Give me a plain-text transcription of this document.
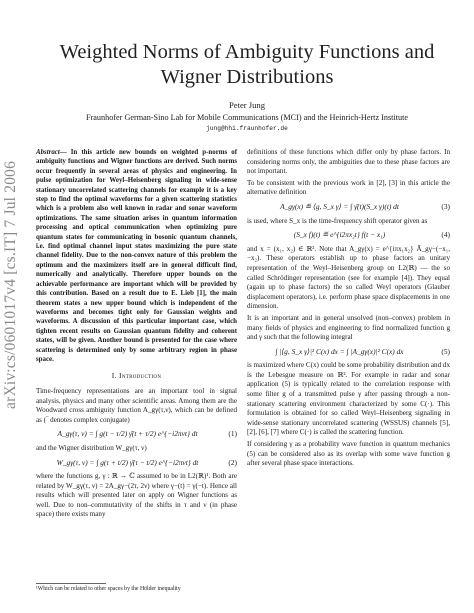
arXiv:cs/0601017v4 [cs.IT] 7 Jul 2006
Weighted Norms of Ambiguity Functions and
Wigner Distributions
Peter Jung
Fraunhofer German-Sino Lab for Mobile Communications (MCI) and the Heinrich-Hertz Institute
jung@hhi.fraunhofer.de

Abstract— In this article new bounds on weighted p-norms of ambiguity functions and Wigner functions are derived. Such norms occur frequently in several areas of physics and engineering. In pulse optimization for Weyl–Heisenberg signaling in wide-sense stationary uncorrelated scattering channels for example it is a key step to find the optimal waveforms for a given scattering statistics which is a problem also well known in radar and sonar waveform optimizations. The same situation arises in quantum information processing and optical communication when optimizing pure quantum states for communicating in bosonic quantum channels, i.e. find optimal channel input states maximizing the pure state channel fidelity. Due to the non-convex nature of this problem the optimum and the maximizers itself are in general difficult find, numerically and analytically. Therefore upper bounds on the achievable performance are important which will be provided by this contribution. Based on a result due to E. Lieb [1], the main theorem states a new upper bound which is independent of the waveforms and becomes tight only for Gaussian weights and waveforms. A discussion of this particular important case, which tighten recent results on Gaussian quantum fidelity and coherent states, will be given. Another bound is presented for the case where scattering is determined only by some arbitrary region in phase space.

I. Introduction

Time-frequency representations are an important tool in signal analysis, physics and many other scientific areas. Among them are the Woodward cross ambiguity function A_gγ(τ,ν), which can be defined as (‾ denotes complex conjugate)

A_gγ(τ, ν) = ∫ g(t − τ/2) γ̄(t + τ/2) e^{−i2πνt} dt	(1)

and the Wigner distribution W_gγ(τ, ν)

W_gγ(τ, ν) = ∫ g(τ + t/2) γ̄(τ − t/2) e^{−i2πνt} dt	(2)

where the functions g, γ : ℝ → ℂ assumed to be in L2(ℝ)¹. Both are related by W_gγ(τ, ν) = 2A_gγ−(2τ, 2ν) where γ−(t) = γ(−t). Hence all results which will presented later on apply on Wigner functions as well. Due to non–commutativity of the shifts in τ and ν (in phase space) there exists many

¹Which can be related to other spaces by the Hölder inequality

definitions of these functions which differ only by phase factors. In considering norms only, the ambiguities due to these phase factors are not important.

To be consistent with the previous work in [2], [3] in this article the alternative definition

A_gγ(x) ≝ ⟨g, S_x γ⟩ = ∫ γ̄(t)(S_x γ)(t) dt	(3)

is used, where S_x is the time-frequency shift operator given as

(S_x f)(t) ≝ e^{i2πx₂t} f(t − x₁)	(4)

and x = (x₁, x₂) ∈ ℝ². Note that A_gγ(x) = e^{iπx₁x₂} Ā_gγ−(−x₁, −x₂). These operators establish up to phase factors an unitary representation of the Weyl–Heisenberg group on L2(ℝ) — the so called Schrödinger representation (see for example [4]). They equal (again up to phase factors) the so called Weyl operators (Glauber displacement operators), i.e. perform phase space displacements in one dimension.

It is an important and in general unsolved (non–convex) problem in many fields of physics and engineering to find normalized function g and γ such that the following integral

∫ |⟨g, S_x γ⟩|² C(x) dx = ∫ |A_gγ(x)|² C(x) dx	(5)

is maximized where C(x) could be some probability distribution and dx is the Lebesgue measure on ℝ². For example in radar and sonar application (5) is typically related to the correlation response with some filter g of a transmitted pulse γ after passing through a non-stationary scattering environment characterized by some C(·). This formulation is obtained for so called Weyl–Heisenberg signaling in wide-sense stationary uncorrelated scattering (WSSUS) channels [5], [2], [6], [7] where C(·) is called the scattering function.

If considering γ as a probability wave function in quantum mechanics (5) can be considered also as its overlap with some wave function g after several phase space interactions.
